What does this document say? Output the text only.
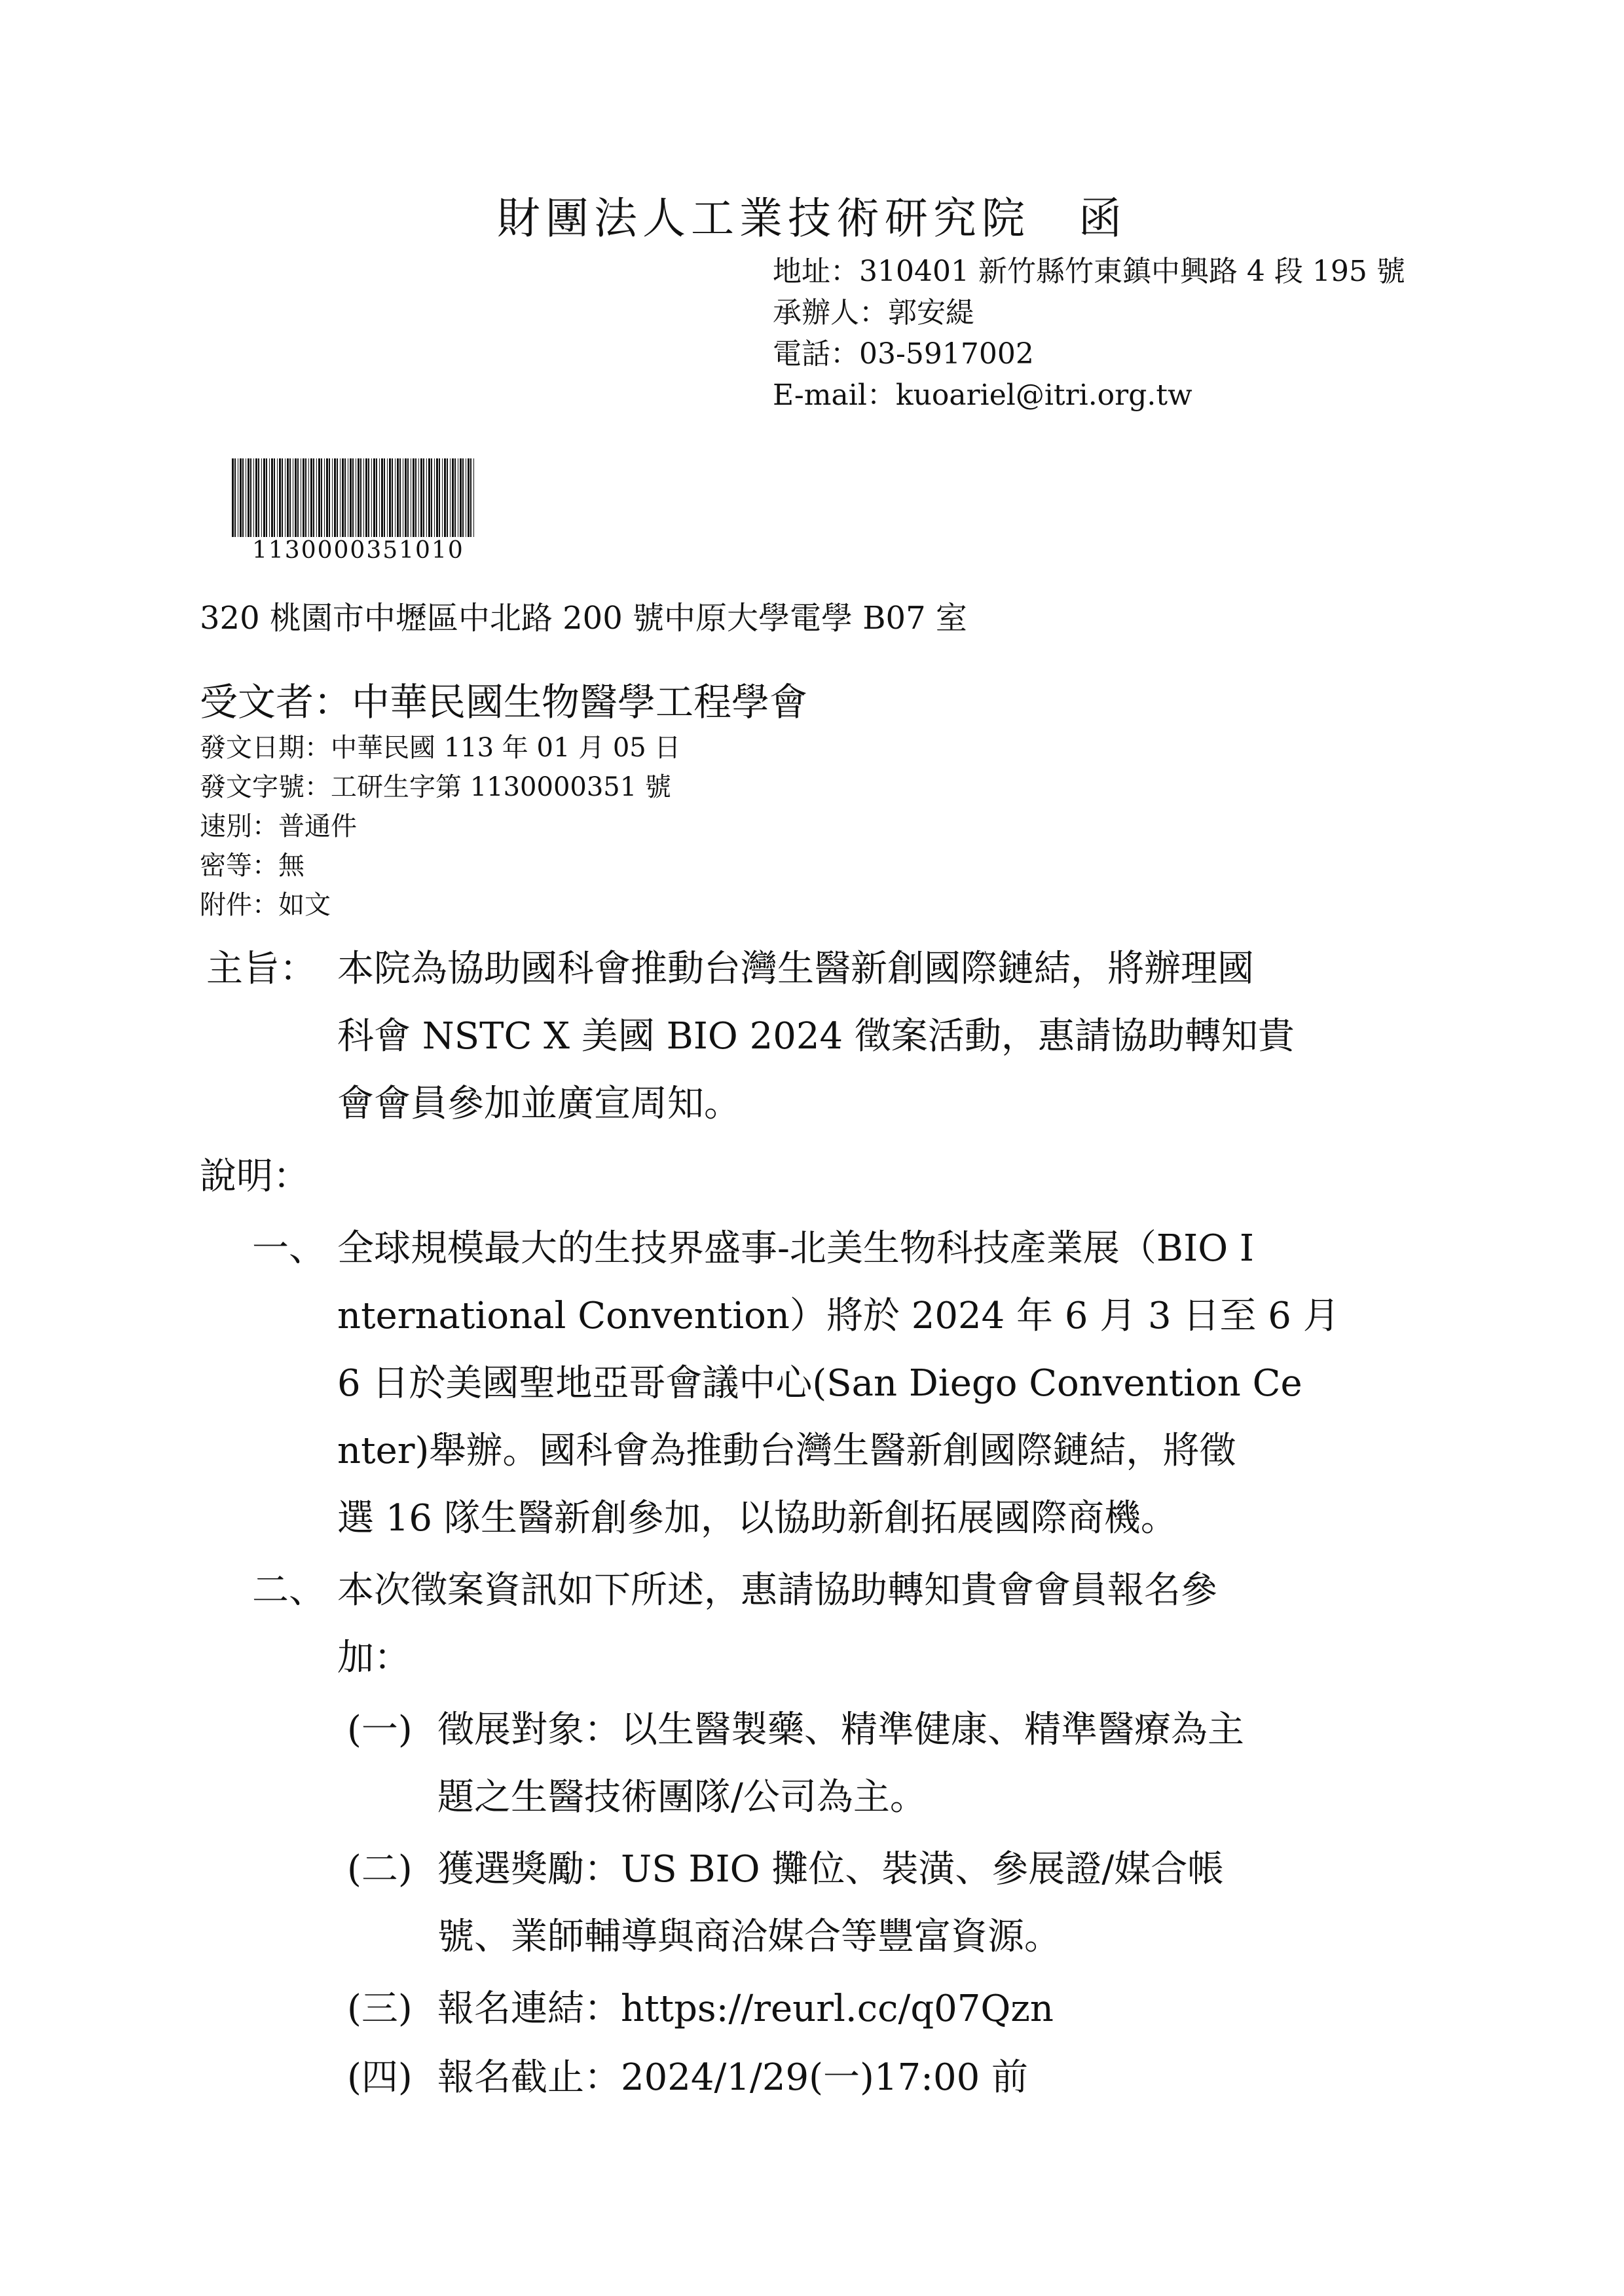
財團法人工業技術研究院　函
地址：310401 新竹縣竹東鎮中興路 4 段 195 號
承辦人：郭安緹
電話：03-5917002
E-mail：kuoariel@itri.org.tw
1130000351010
320 桃園市中壢區中北路 200 號中原大學電學 B07 室
受文者：中華民國生物醫學工程學會
發文日期：中華民國 113 年 01 月 05 日
發文字號：工研生字第 1130000351 號
速別：普通件
密等：無
附件：如文
主旨： 本院為協助國科會推動台灣生醫新創國際鏈結，將辦理國
科會 NSTC X 美國 BIO 2024 徵案活動，惠請協助轉知貴
會會員參加並廣宣周知。
說明：
一、 全球規模最大的生技界盛事-北美生物科技產業展（BIO I
nternational Convention）將於 2024 年 6 月 3 日至 6 月
6 日於美國聖地亞哥會議中心(San Diego Convention Ce
nter)舉辦。國科會為推動台灣生醫新創國際鏈結，將徵
選 16 隊生醫新創參加，以協助新創拓展國際商機。
二、 本次徵案資訊如下所述，惠請協助轉知貴會會員報名參
加：
(一) 徵展對象：以生醫製藥、精準健康、精準醫療為主
題之生醫技術團隊/公司為主。
(二) 獲選獎勵：US BIO 攤位、裝潢、參展證/媒合帳
號、業師輔導與商洽媒合等豐富資源。
(三) 報名連結：https://reurl.cc/q07Qzn
(四) 報名截止：2024/1/29(一)17:00 前
